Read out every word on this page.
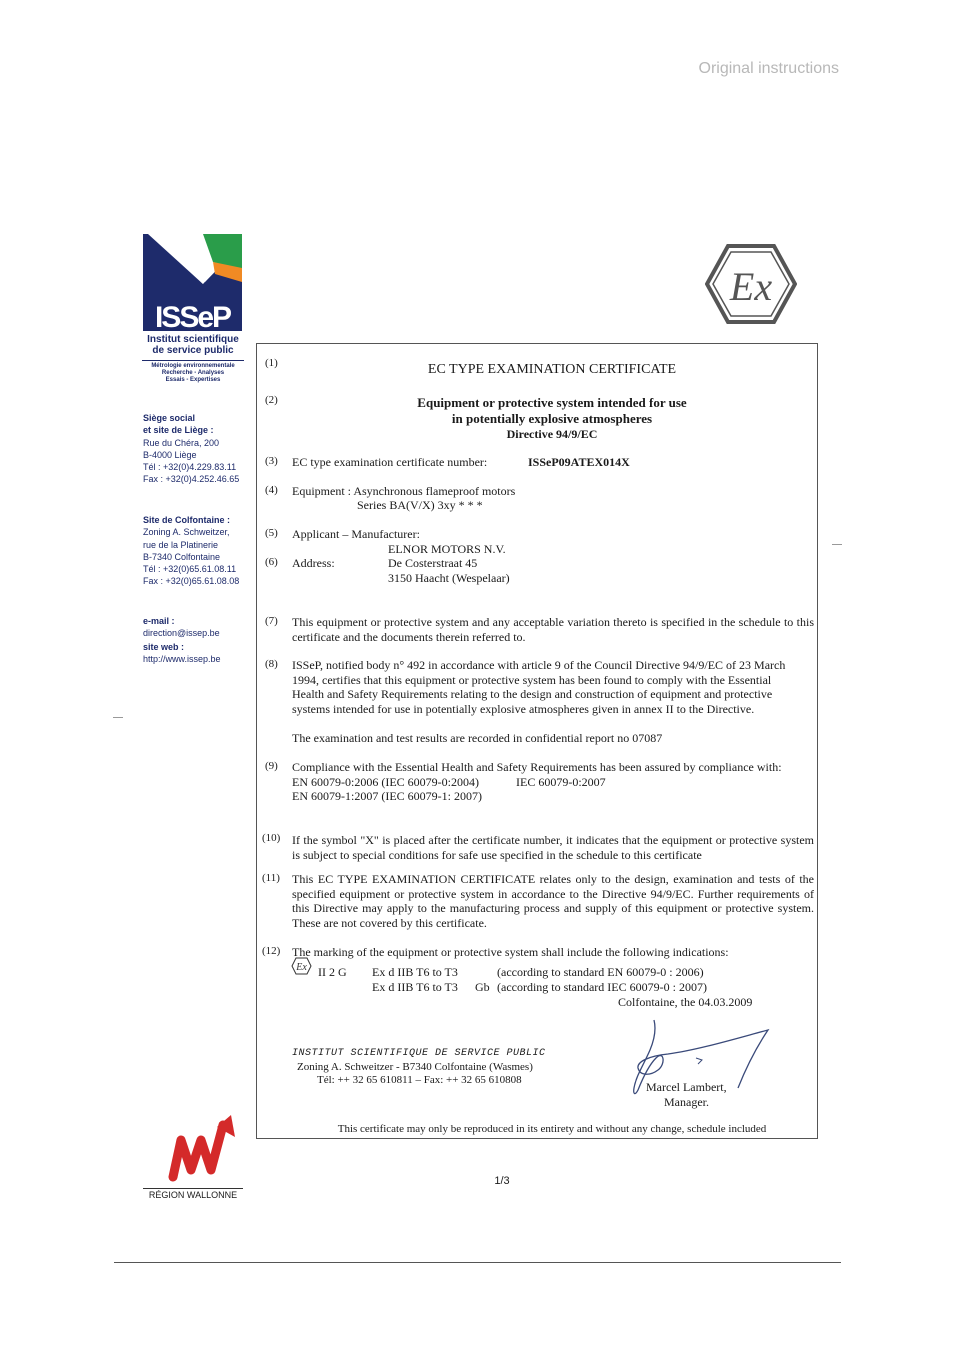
Original instructions
ISSeP
Institut scientifique
de service public
Métrologie environnementale
Recherche - Analyses
Essais - Expertises
Siège social
et site de Liège :
Rue du Chéra, 200
B-4000 Liège
Tél : +32(0)4.229.83.11
Fax : +32(0)4.252.46.65
Site de Colfontaine :
Zoning A. Schweitzer,
rue de la Platinerie
B-7340 Colfontaine
Tél : +32(0)65.61.08.11
Fax : +32(0)65.61.08.08
e-mail :
direction@issep.be
site web :
http://www.issep.be
RÉGION WALLONNE
Ex
(1)	EC TYPE EXAMINATION CERTIFICATE
(2)	Equipment or protective system intended for use
in potentially explosive atmospheres
Directive 94/9/EC
(3) EC type examination certificate number:	ISSeP09ATEX014X
(4) Equipment : Asynchronous flameproof motors
Series BA(V/X) 3xy * * *
(5) Applicant – Manufacturer:
ELNOR MOTORS N.V.
(6) Address:	De Costerstraat 45
3150 Haacht (Wespelaar)
(7) This equipment or protective system and any acceptable variation thereto is specified in the schedule to this certificate and the documents therein referred to.
(8) ISSeP, notified body n° 492 in accordance with article 9 of the Council Directive 94/9/EC of 23 March 1994, certifies that this equipment or protective system has been found to comply with the Essential Health and Safety Requirements relating to the design and construction of equipment and protective systems intended for use in potentially explosive atmospheres given in annex II to the Directive.
The examination and test results are recorded in confidential report no 07087
(9) Compliance with the Essential Health and Safety Requirements has been assured by compliance with:
EN 60079-0:2006 (IEC 60079-0:2004)	IEC 60079-0:2007
EN 60079-1:2007 (IEC 60079-1: 2007)
(10) If the symbol "X" is placed after the certificate number, it indicates that the equipment or protective system is subject to special conditions for safe use specified in the schedule to this certificate
(11) This EC TYPE EXAMINATION CERTIFICATE relates only to the design, examination and tests of the specified equipment or protective system in accordance to the Directive 94/9/EC. Further requirements of this Directive may apply to the manufacturing process and supply of this equipment or protective system. These are not covered by this certificate.
(12) The marking of the equipment or protective system shall include the following indications:
Ex II 2 G Ex d IIB T6 to T3	(according to standard EN 60079-0 : 2006)
Ex d IIB T6 to T3 Gb (according to standard IEC 60079-0 : 2007)
Colfontaine, the 04.03.2009
INSTITUT SCIENTIFIQUE DE SERVICE PUBLIC
Zoning A. Schweitzer - B7340 Colfontaine (Wasmes)
Tél: ++ 32 65 610811 – Fax: ++ 32 65 610808	Marcel Lambert,
Manager.
This certificate may only be reproduced in its entirety and without any change, schedule included
1/3
